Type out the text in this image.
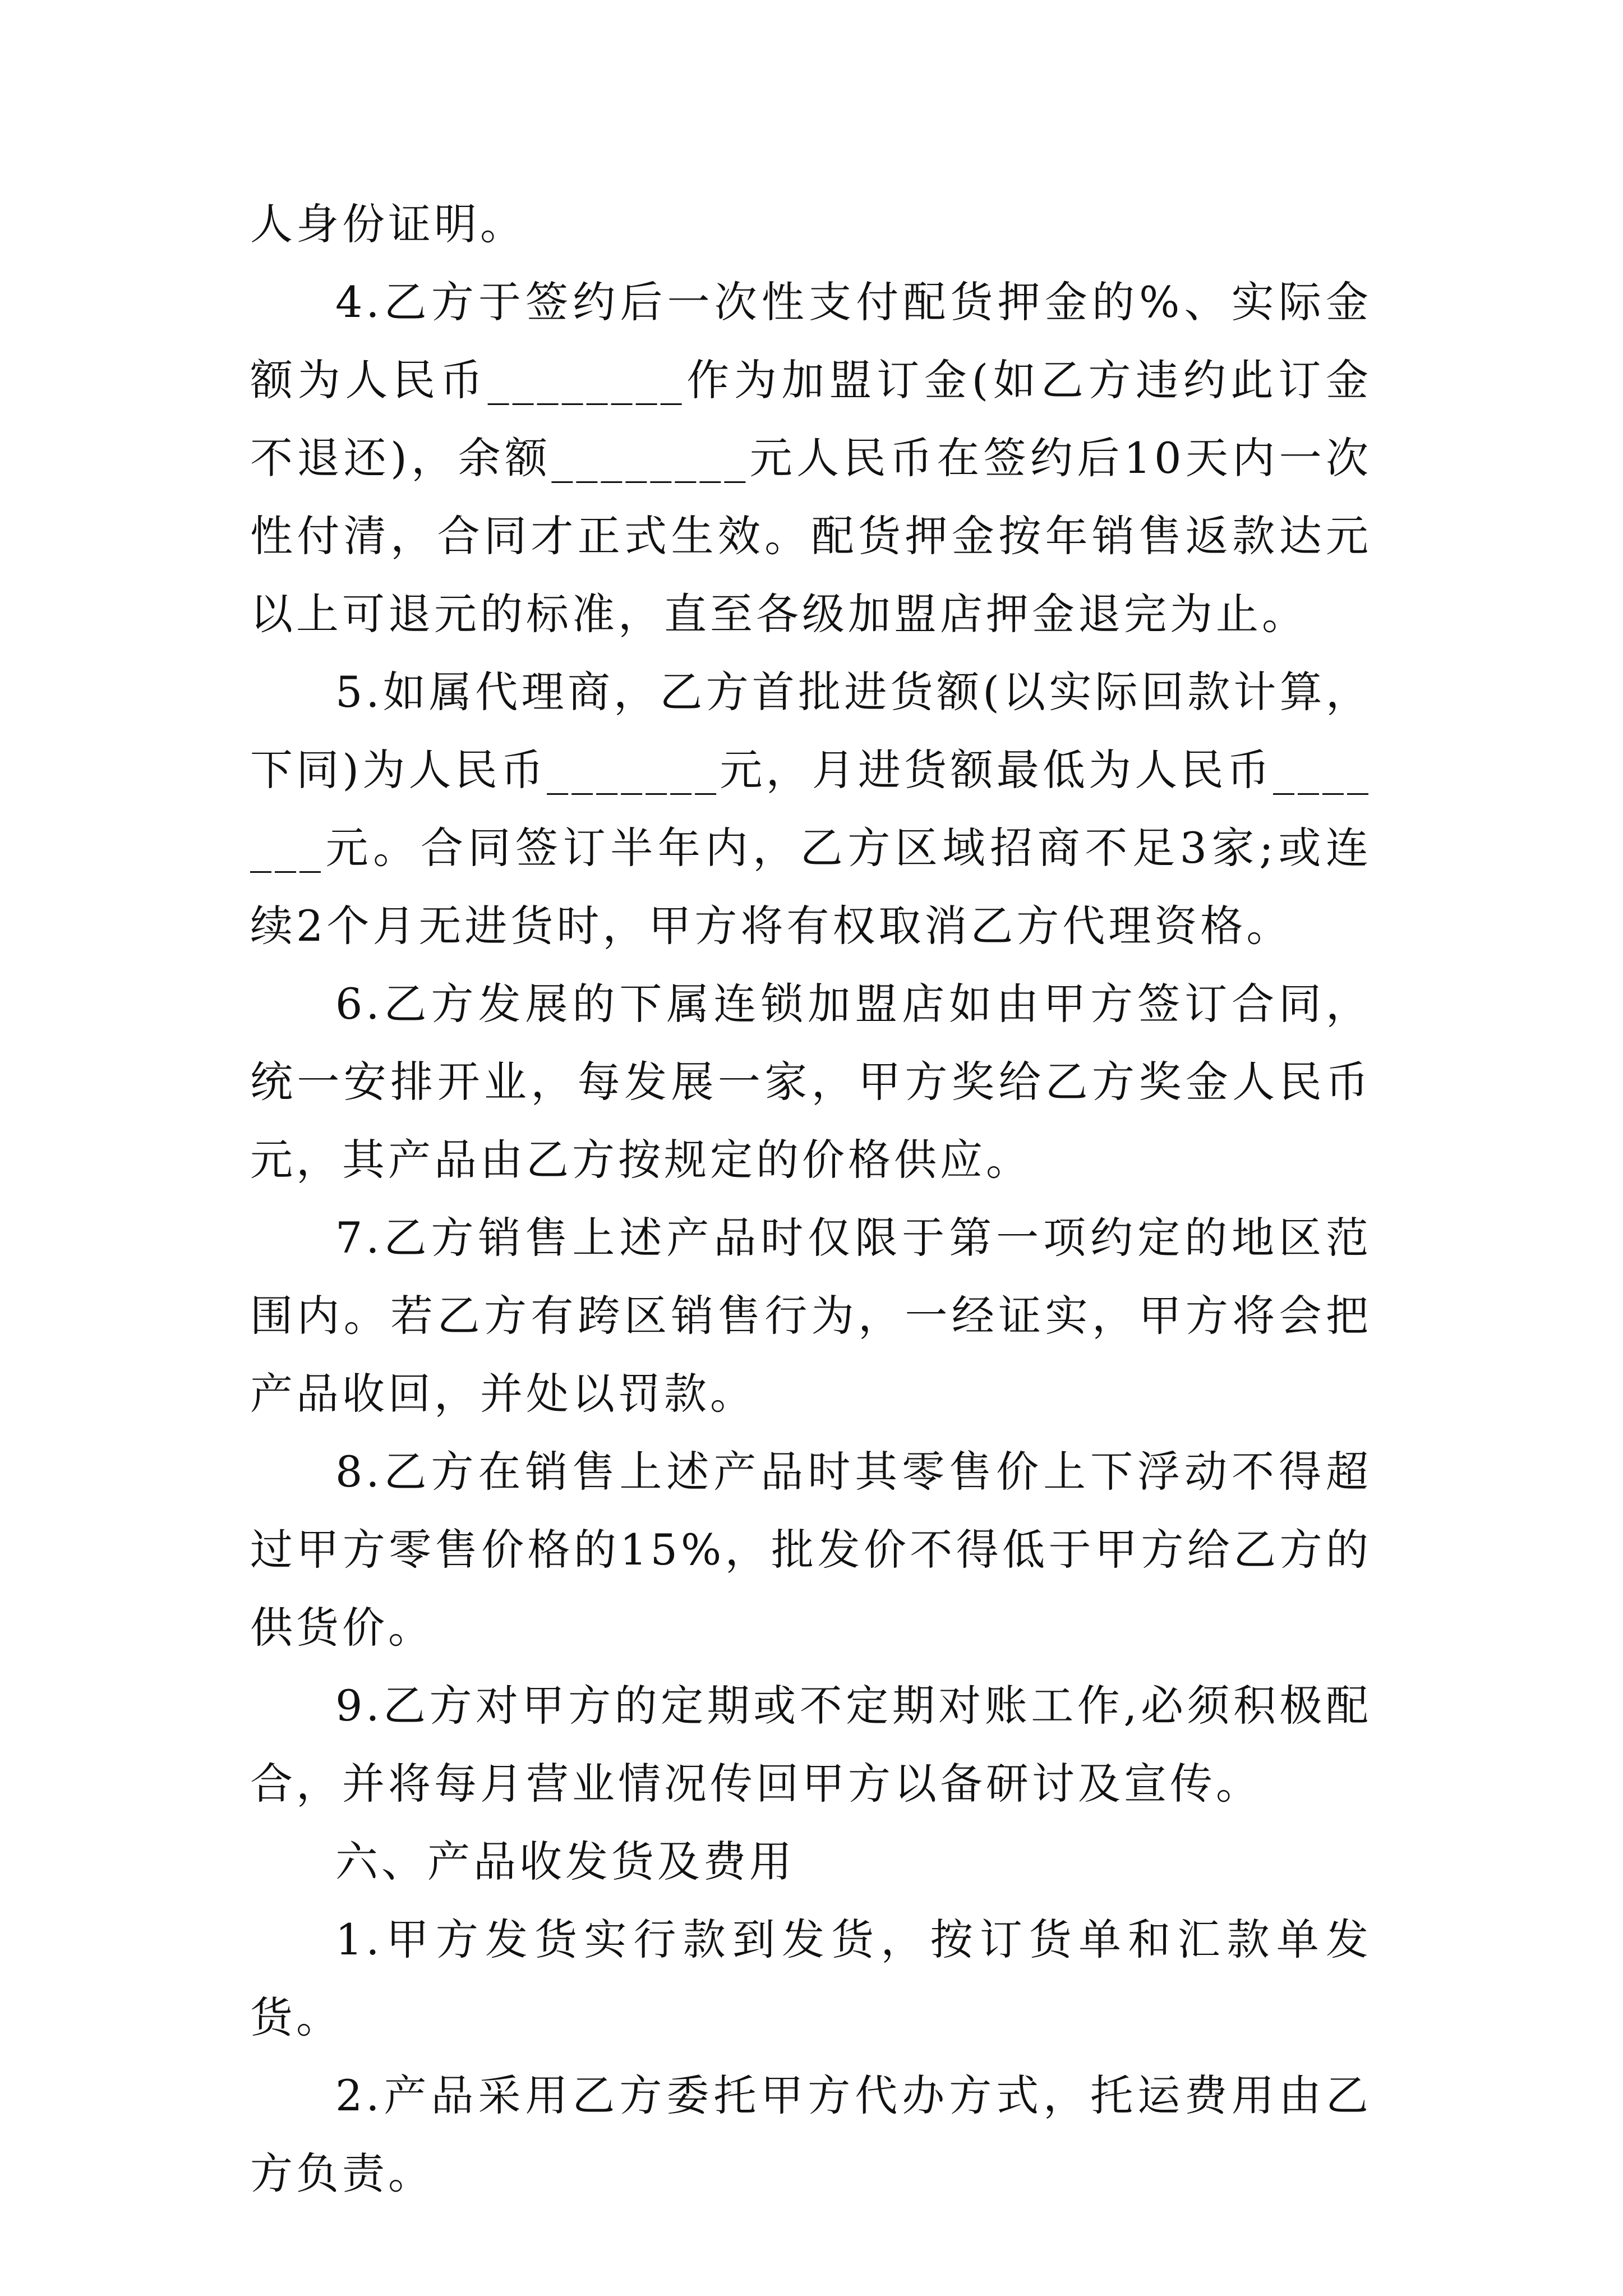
人身份证明。

4.乙方于签约后一次性支付配货押金的%、实际金额为人民币________作为加盟订金(如乙方违约此订金不退还)，余额________元人民币在签约后10天内一次性付清，合同才正式生效。配货押金按年销售返款达元以上可退元的标准，直至各级加盟店押金退完为止。

5.如属代理商，乙方首批进货额(以实际回款计算，下同)为人民币_______元，月进货额最低为人民币_______元。合同签订半年内，乙方区域招商不足3家;或连续2个月无进货时，甲方将有权取消乙方代理资格。

6.乙方发展的下属连锁加盟店如由甲方签订合同，统一安排开业，每发展一家，甲方奖给乙方奖金人民币元，其产品由乙方按规定的价格供应。

7.乙方销售上述产品时仅限于第一项约定的地区范围内。若乙方有跨区销售行为，一经证实，甲方将会把产品收回，并处以罚款。

8.乙方在销售上述产品时其零售价上下浮动不得超过甲方零售价格的15%，批发价不得低于甲方给乙方的供货价。

9.乙方对甲方的定期或不定期对账工作,必须积极配合，并将每月营业情况传回甲方以备研讨及宣传。

六、产品收发货及费用

1.甲方发货实行款到发货，按订货单和汇款单发货。

2.产品采用乙方委托甲方代办方式，托运费用由乙方负责。
